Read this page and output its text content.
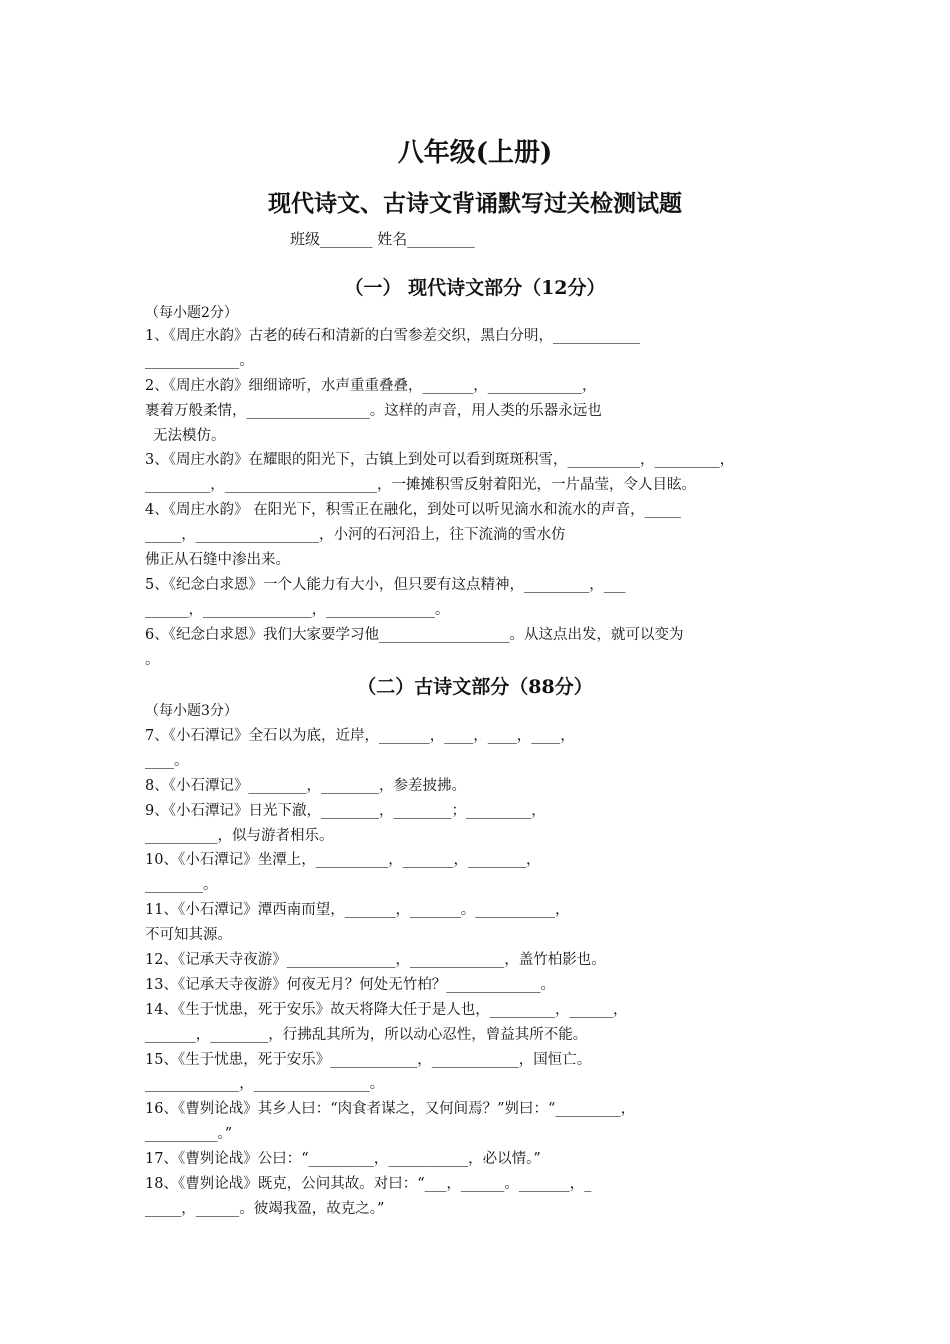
八年级(上册)
现代诗文、古诗文背诵默写过关检测试题
班级_______ 姓名_________
（一） 现代诗文部分（12分）
（每小题2分）
1、《周庄水韵》古老的砖石和清新的白雪参差交织，黑白分明，____________
_____________。
2、《周庄水韵》细细谛听，水声重重叠叠，_______，_____________，
裹着万般柔情，_________________。这样的声音，用人类的乐器永远也
无法模仿。
3、《周庄水韵》在耀眼的阳光下，古镇上到处可以看到斑斑积雪，__________，_________，
_________，_____________________，一摊摊积雪反射着阳光，一片晶莹，令人目眩。
4、《周庄水韵》 在阳光下，积雪正在融化，到处可以听见滴水和流水的声音，_____
_____，_________________，小河的石河沿上，往下流淌的雪水仿
佛正从石缝中渗出来。
5、《纪念白求恩》一个人能力有大小，但只要有这点精神，_________，___
______，_______________，_______________。
6、《纪念白求恩》我们大家要学习他__________________。从这点出发，就可以变为
。
（二）古诗文部分（88分）
（每小题3分）
7、《小石潭记》全石以为底，近岸，_______，____，____，____，
____。
8、《小石潭记》________，________，参差披拂。
9、《小石潭记》日光下澈，________，________；_________，
__________，似与游者相乐。
10、《小石潭记》坐潭上，__________，_______，________，
________。
11、《小石潭记》潭西南而望，_______，_______。___________，
不可知其源。
12、《记承天寺夜游》_______________，_____________，盖竹柏影也。
13、《记承天寺夜游》何夜无月？何处无竹柏？_____________。
14、《生于忧患，死于安乐》故天将降大任于是人也，_________，______，
_______，________，行拂乱其所为，所以动心忍性，曾益其所不能。
15、《生于忧患，死于安乐》____________，____________，国恒亡。
_____________，________________。
16、《曹刿论战》其乡人曰：“肉食者谋之，又何间焉？”刿曰：“_________，
__________。”
17、《曹刿论战》公曰：“_________，___________，必以情。”
18、《曹刿论战》既克，公问其故。对曰：“___，______。_______，_
_____，______。彼竭我盈，故克之。”
